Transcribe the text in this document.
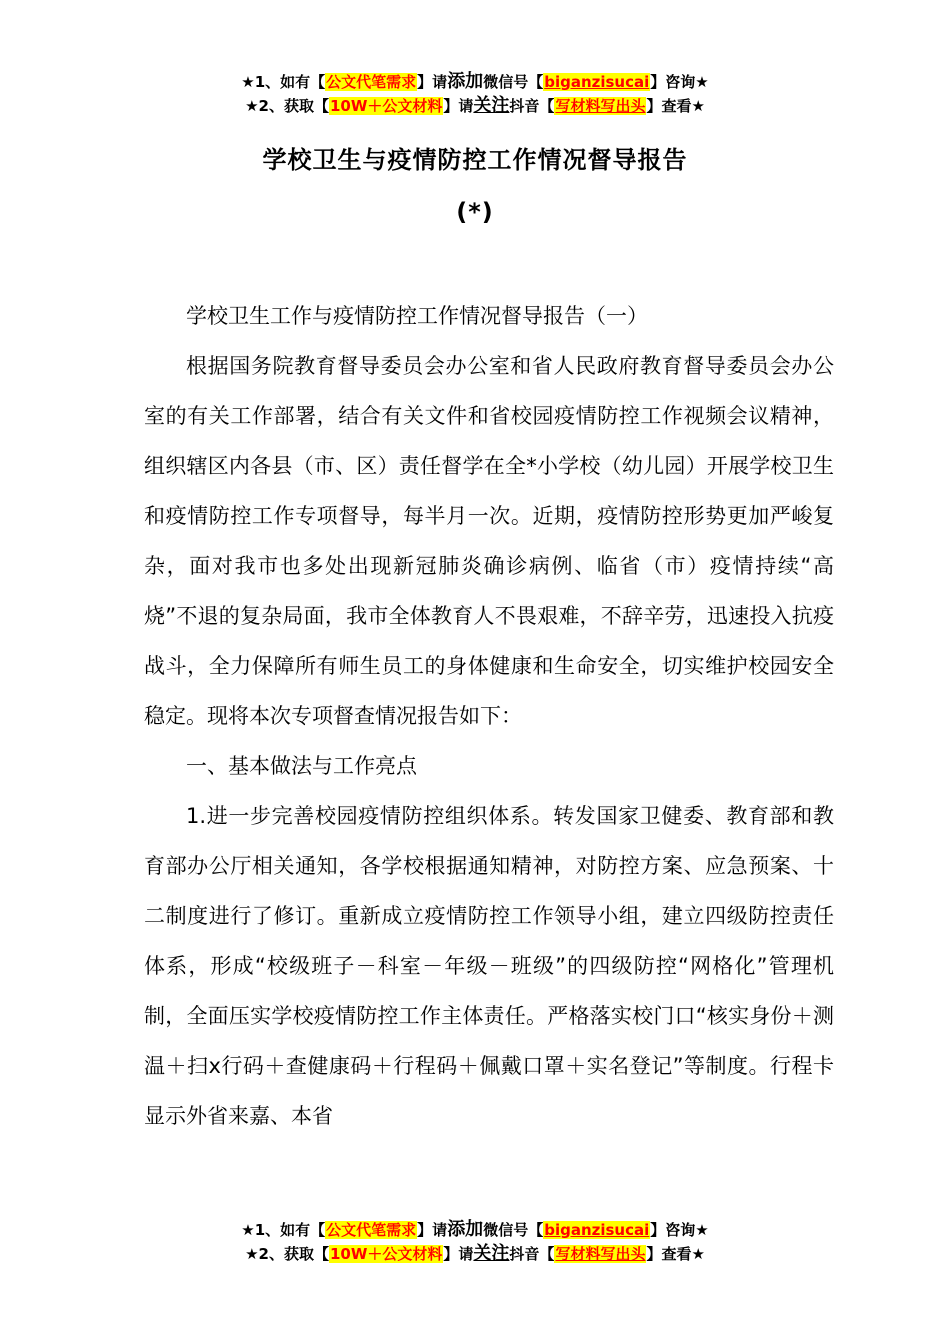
★1、如有【公文代笔需求】请添加微信号【biganzisucai】咨询★
★2、获取【10W＋公文材料】请关注抖音【写材料写出头】查看★
学校卫生与疫情防控工作情况督导报告
(*)

学校卫生工作与疫情防控工作情况督导报告（一）

根据国务院教育督导委员会办公室和省人民政府教育督导委员会办公室的有关工作部署，结合有关文件和省校园疫情防控工作视频会议精神，组织辖区内各县（市、区）责任督学在全*小学校（幼儿园）开展学校卫生和疫情防控工作专项督导，每半月一次。近期，疫情防控形势更加严峻复杂，面对我市也多处出现新冠肺炎确诊病例、临省（市）疫情持续“高烧”不退的复杂局面，我市全体教育人不畏艰难，不辞辛劳，迅速投入抗疫战斗，全力保障所有师生员工的身体健康和生命安全，切实维护校园安全稳定。现将本次专项督查情况报告如下：

一、基本做法与工作亮点

1.进一步完善校园疫情防控组织体系。转发国家卫健委、教育部和教育部办公厅相关通知，各学校根据通知精神，对防控方案、应急预案、十二制度进行了修订。重新成立疫情防控工作领导小组，建立四级防控责任体系，形成“校级班子－科室－年级－班级”的四级防控“网格化”管理机制，全面压实学校疫情防控工作主体责任。严格落实校门口“核实身份＋测温＋扫x行码＋查健康码＋行程码＋佩戴口罩＋实名登记”等制度。行程卡显示外省来嘉、本省

★1、如有【公文代笔需求】请添加微信号【biganzisucai】咨询★
★2、获取【10W＋公文材料】请关注抖音【写材料写出头】查看★
